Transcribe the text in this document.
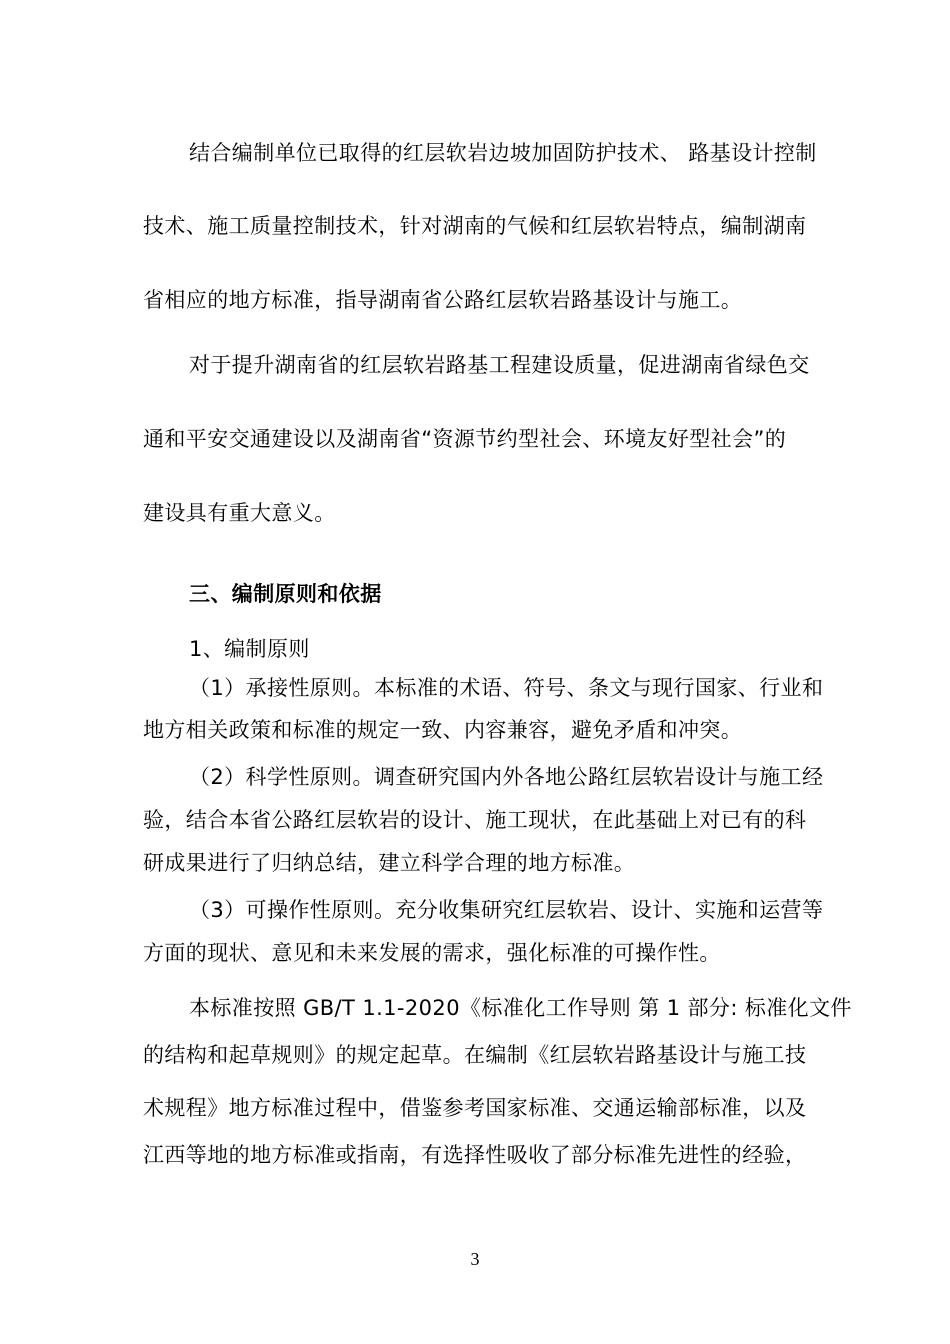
结合编制单位已取得的红层软岩边坡加固防护技术、 路基设计控制
技术、施工质量控制技术，针对湖南的气候和红层软岩特点，编制湖南
省相应的地方标准，指导湖南省公路红层软岩路基设计与施工。
对于提升湖南省的红层软岩路基工程建设质量，促进湖南省绿色交
通和平安交通建设以及湖南省“资源节约型社会、环境友好型社会”的
建设具有重大意义。
三、编制原则和依据
1、编制原则
（1）承接性原则。本标准的术语、符号、条文与现行国家、行业和
地方相关政策和标准的规定一致、内容兼容，避免矛盾和冲突。
（2）科学性原则。调查研究国内外各地公路红层软岩设计与施工经
验，结合本省公路红层软岩的设计、施工现状，在此基础上对已有的科
研成果进行了归纳总结，建立科学合理的地方标准。
（3）可操作性原则。充分收集研究红层软岩、设计、实施和运营等
方面的现状、意见和未来发展的需求，强化标准的可操作性。
本标准按照 GB/T 1.1-2020《标准化工作导则 第 1 部分: 标准化文件
的结构和起草规则》的规定起草。在编制《红层软岩路基设计与施工技
术规程》地方标准过程中，借鉴参考国家标准、交通运输部标准，以及
江西等地的地方标准或指南，有选择性吸收了部分标准先进性的经验，
3
